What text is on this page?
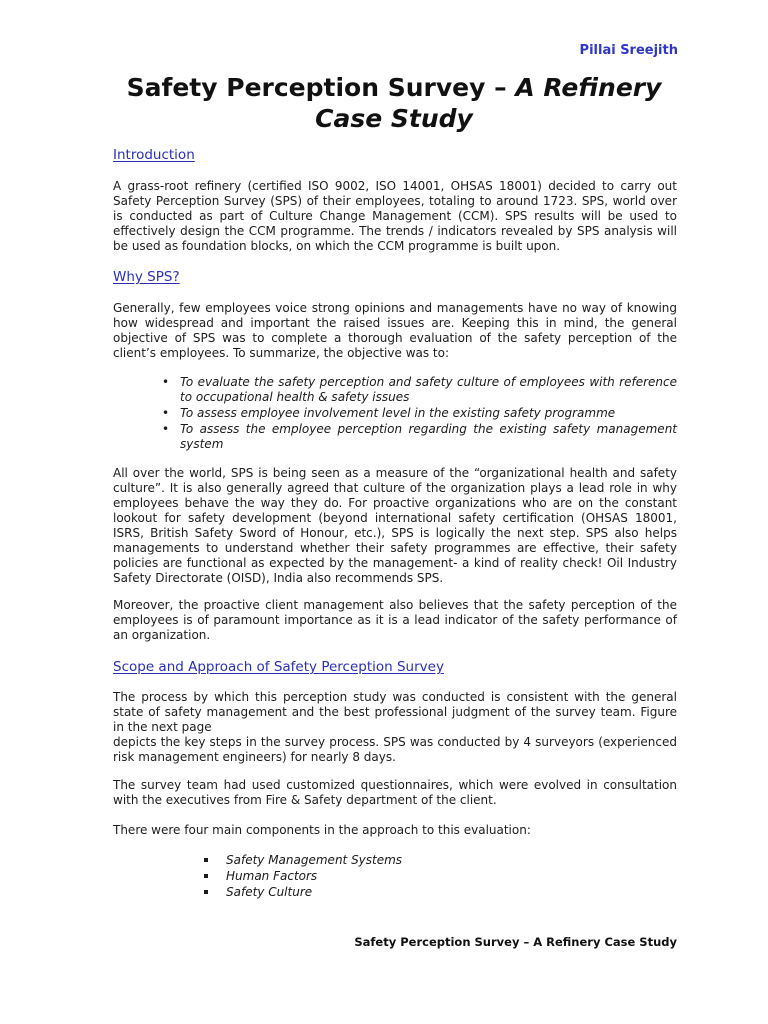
Pillai Sreejith
Safety Perception Survey – A Refinery Case Study
Introduction

A grass-root refinery (certified ISO 9002, ISO 14001, OHSAS 18001) decided to carry out Safety Perception Survey (SPS) of their employees, totaling to around 1723. SPS, world over is conducted as part of Culture Change Management (CCM). SPS results will be used to effectively design the CCM programme. The trends / indicators revealed by SPS analysis will be used as foundation blocks, on which the CCM programme is built upon.

Why SPS?

Generally, few employees voice strong opinions and managements have no way of knowing how widespread and important the raised issues are. Keeping this in mind, the general objective of SPS was to complete a thorough evaluation of the safety perception of the client’s employees. To summarize, the objective was to:

• To evaluate the safety perception and safety culture of employees with reference to occupational health & safety issues
• To assess employee involvement level in the existing safety programme
• To assess the employee perception regarding the existing safety management system

All over the world, SPS is being seen as a measure of the “organizational health and safety culture”. It is also generally agreed that culture of the organization plays a lead role in why employees behave the way they do. For proactive organizations who are on the constant lookout for safety development (beyond international safety certification (OHSAS 18001, ISRS, British Safety Sword of Honour, etc.), SPS is logically the next step. SPS also helps managements to understand whether their safety programmes are effective, their safety policies are functional as expected by the management- a kind of reality check! Oil Industry Safety Directorate (OISD), India also recommends SPS.

Moreover, the proactive client management also believes that the safety perception of the employees is of paramount importance as it is a lead indicator of the safety performance of an organization.

Scope and Approach of Safety Perception Survey

The process by which this perception study was conducted is consistent with the general state of safety management and the best professional judgment of the survey team. Figure in the next page

depicts the key steps in the survey process. SPS was conducted by 4 surveyors (experienced risk management engineers) for nearly 8 days.

The survey team had used customized questionnaires, which were evolved in consultation with the executives from Fire & Safety department of the client.

There were four main components in the approach to this evaluation:

Safety Management Systems
Human Factors
Safety Culture
Safety Perception Survey – A Refinery Case Study
